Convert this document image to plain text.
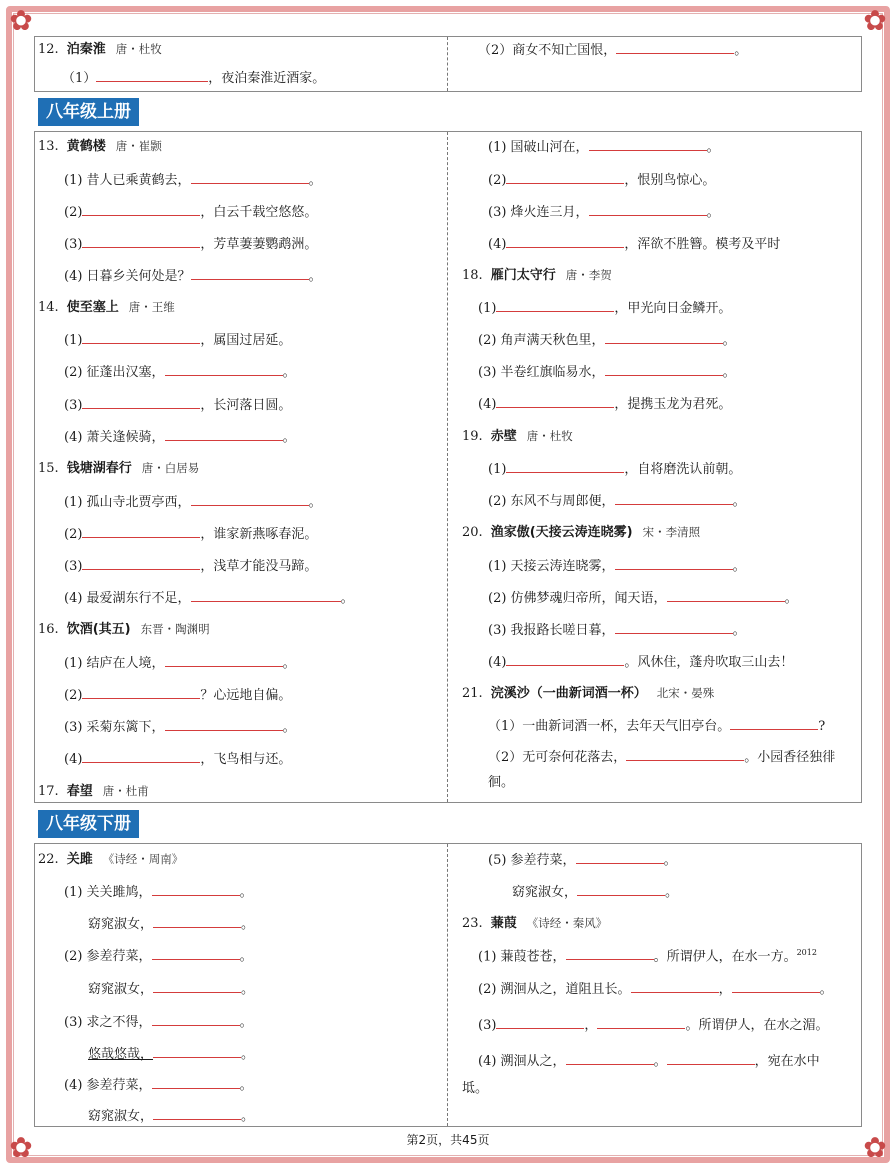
✿	✿
✿	✿
12. 泊秦淮 唐・杜牧
（1）	，夜泊秦淮近酒家。
（2）商女不知亡国恨，	。
八年级上册
13. 黄鹤楼 唐・崔颢
(1) 昔人已乘黄鹤去，	。
(2)	，白云千载空悠悠。
(3)	，芳草萋萋鹦鹉洲。
(4) 日暮乡关何处是？	。
14. 使至塞上 唐・王维
(1)	，属国过居延。
(2) 征蓬出汉塞，	。
(3)	，长河落日圆。
(4) 萧关逢候骑，	。
15. 钱塘湖春行 唐・白居易
(1) 孤山寺北贾亭西，	。
(2)	，谁家新燕啄春泥。
(3)	，浅草才能没马蹄。
(4) 最爱湖东行不足，	。
16. 饮酒(其五) 东晋・陶渊明
(1) 结庐在人境，	。
(2)	？心远地自偏。
(3) 采菊东篱下，	。
(4)	，飞鸟相与还。
17. 春望 唐・杜甫
(1) 国破山河在，	。
(2)	，恨别鸟惊心。
(3) 烽火连三月，	。
(4)	，浑欲不胜簪。模考及平时
18. 雁门太守行 唐・李贺
(1)	，甲光向日金鳞开。
(2) 角声满天秋色里，	。
(3) 半卷红旗临易水，	。
(4)	，提携玉龙为君死。
19. 赤壁 唐・杜牧
(1)	，自将磨洗认前朝。
(2) 东风不与周郎便，	。
20. 渔家傲(天接云涛连晓雾) 宋・李清照
(1) 天接云涛连晓雾，	。
(2) 仿佛梦魂归帝所，闻天语，	。
(3) 我报路长嗟日暮，	。
(4)	。风休住，蓬舟吹取三山去！
21. 浣溪沙（一曲新词酒一杯） 北宋・晏殊
（1）一曲新词酒一杯，去年天气旧亭台。	?
（2）无可奈何花落去，	。小园香径独徘
徊。
八年级下册
22. 关雎 《诗经・周南》
(1) 关关雎鸠，	。
窈窕淑女，	。
(2) 参差荇菜，	。
窈窕淑女，	。
(3) 求之不得，	。
悠哉悠哉，	。
(4) 参差荇菜，	。
窈窕淑女，	。
(5) 参差荇菜，	。
窈窕淑女，	。
23. 蒹葭 《诗经・秦风》
(1) 蒹葭苍苍，	。所谓伊人，在水一方。$^{2012}$
(2) 溯洄从之，道阻且长。	，	。
(3)	，	。所谓伊人，在水之湄。
(4) 溯洄从之，	。	，宛在水中
坻。
第2页，共45页
